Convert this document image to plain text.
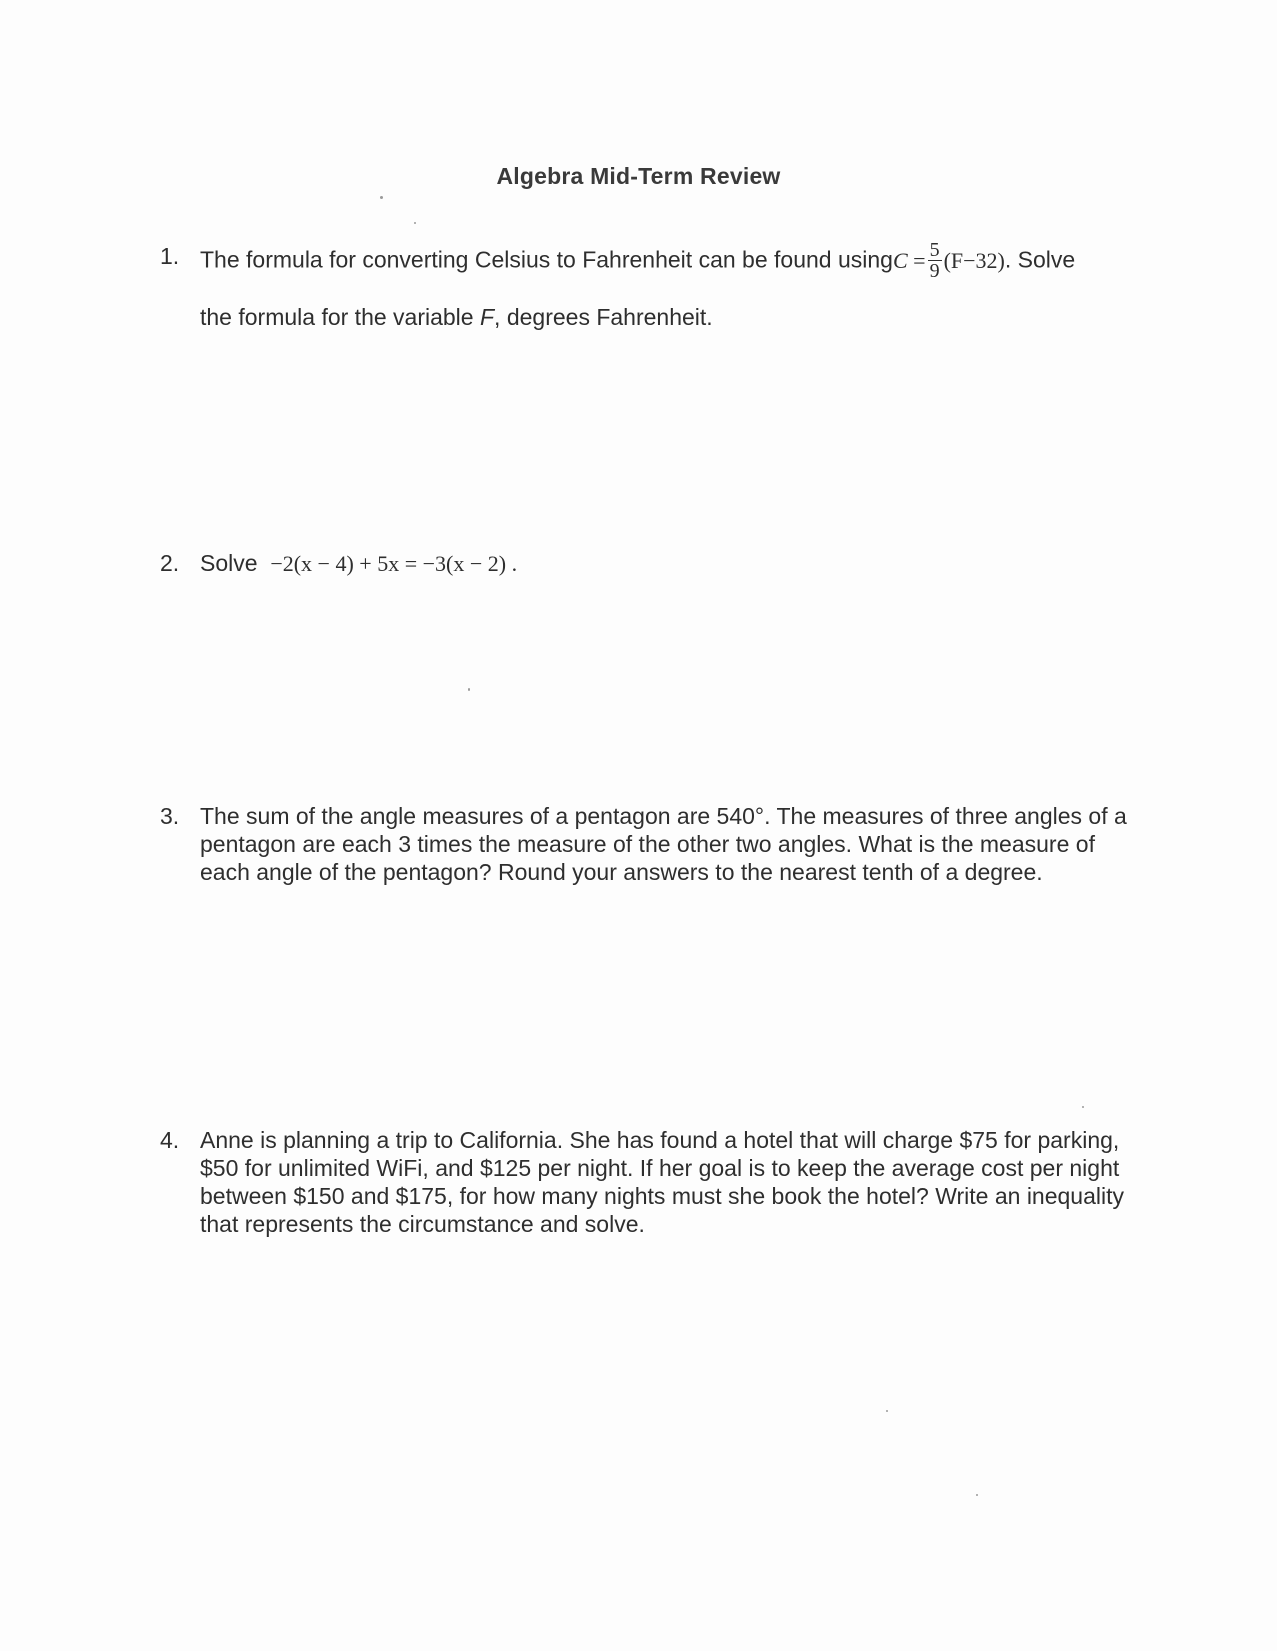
Algebra Mid-Term Review
1. The formula for converting Celsius to Fahrenheit can be found usingC = $\frac{5}{9} (F-32)$. Solve
the formula for the variable F, degrees Fahrenheit.
2. Solve −2(x − 4) + 5x = −3(x − 2) .
3. The sum of the angle measures of a pentagon are 540°. The measures of three angles of a pentagon are each 3 times the measure of the other two angles. What is the measure of each angle of the pentagon? Round your answers to the nearest tenth of a degree.
4. Anne is planning a trip to California. She has found a hotel that will charge $75 for parking, $50 for unlimited WiFi, and $125 per night. If her goal is to keep the average cost per night between $150 and $175, for how many nights must she book the hotel? Write an inequality that represents the circumstance and solve.
